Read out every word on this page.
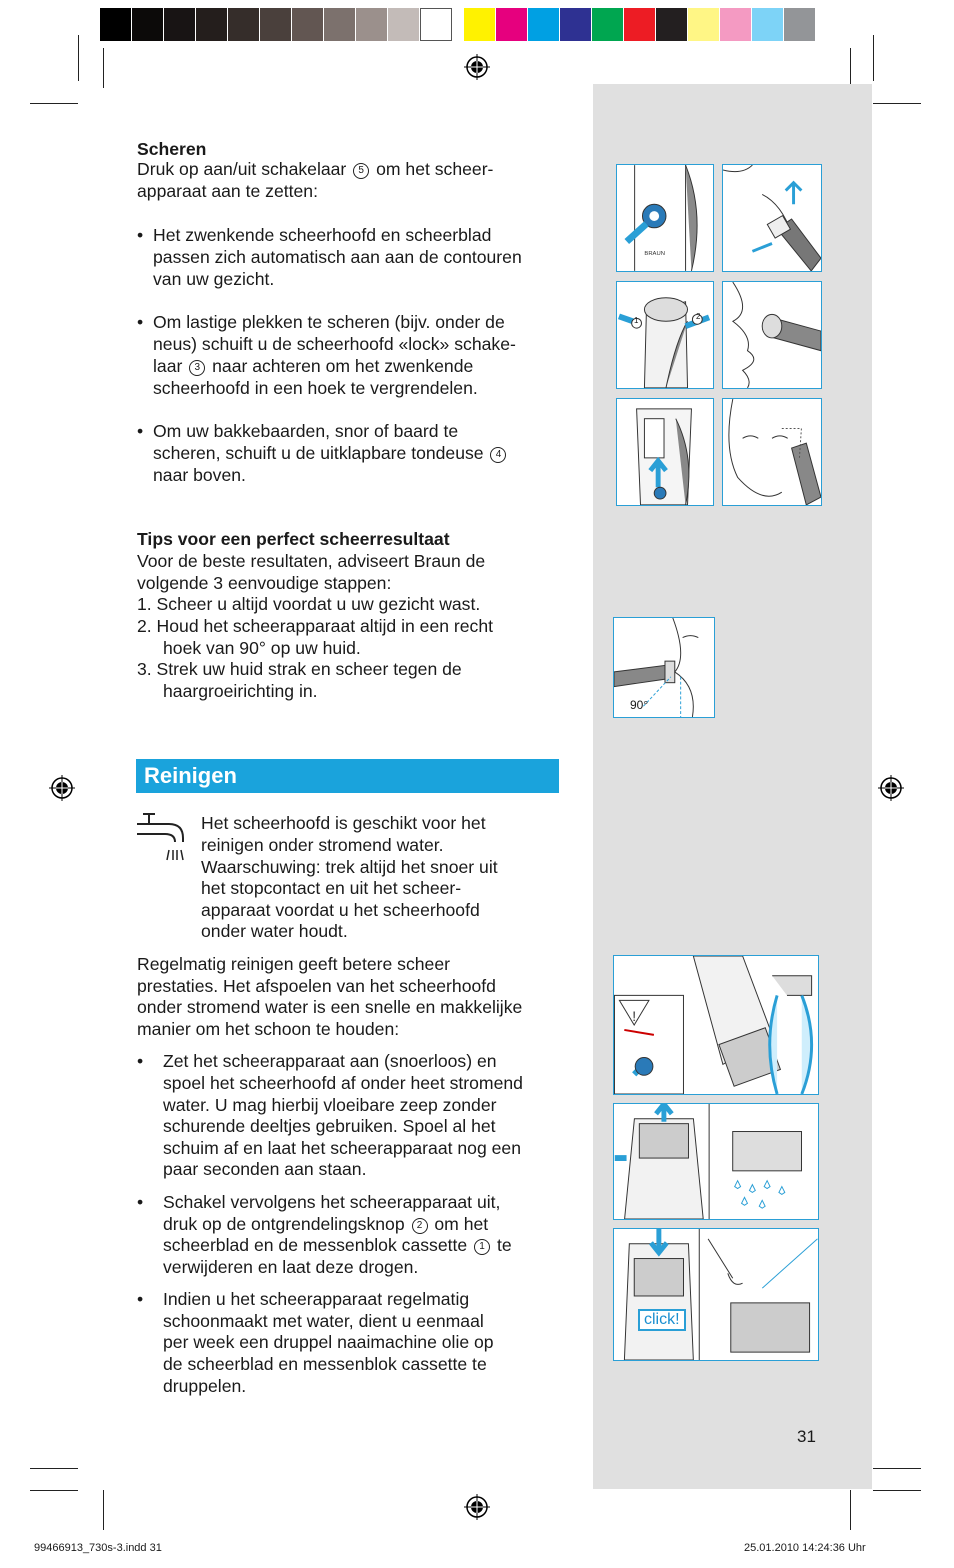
BRAUN
1	2
90°
!
click!
31
Scheren
Druk op aan/uit schakelaar 5 om het scheer-
apparaat aan te zetten:
• Het zwenkende scheerhoofd en scheerblad
passen zich automatisch aan aan de contouren
van uw gezicht.
• Om lastige plekken te scheren (bijv. onder de
neus) schuift u de scheerhoofd «lock» schake-
laar 3 naar achteren om het zwenkende
scheerhoofd in een hoek te vergrendelen.
• Om uw bakkebaarden, snor of baard te
scheren, schuift u de uitklapbare tondeuse 4
naar boven.
Tips voor een perfect scheerresultaat
Voor de beste resultaten, adviseert Braun de
volgende 3 eenvoudige stappen:
1. Scheer u altijd voordat u uw gezicht wast.
2. Houd het scheerapparaat altijd in een recht
hoek van 90° op uw huid.
3. Strek uw huid strak en scheer tegen de
haargroeirichting in.
Reinigen
Het scheerhoofd is geschikt voor het
reinigen onder stromend water.
Waarschuwing: trek altijd het snoer uit
het stopcontact en uit het scheer-
apparaat voordat u het scheerhoofd
onder water houdt.
Regelmatig reinigen geeft betere scheer
prestaties. Het afspoelen van het scheerhoofd
onder stromend water is een snelle en makkelijke
manier om het schoon te houden:
• Zet het scheerapparaat aan (snoerloos) en
spoel het scheerhoofd af onder heet stromend
water. U mag hierbij vloeibare zeep zonder
schurende deeltjes gebruiken. Spoel al het
schuim af en laat het scheerapparaat nog een
paar seconden aan staan.
• Schakel vervolgens het scheerapparaat uit,
druk op de ontgrendelingsknop 2 om het
scheerblad en de messenblok cassette 1 te
verwijderen en laat deze drogen.
• Indien u het scheerapparaat regelmatig
schoonmaakt met water, dient u eenmaal
per week een druppel naaimachine olie op
de scheerblad en messenblok cassette te
druppelen.
99466913_730s-3.indd 31	25.01.2010 14:24:36 Uhr
